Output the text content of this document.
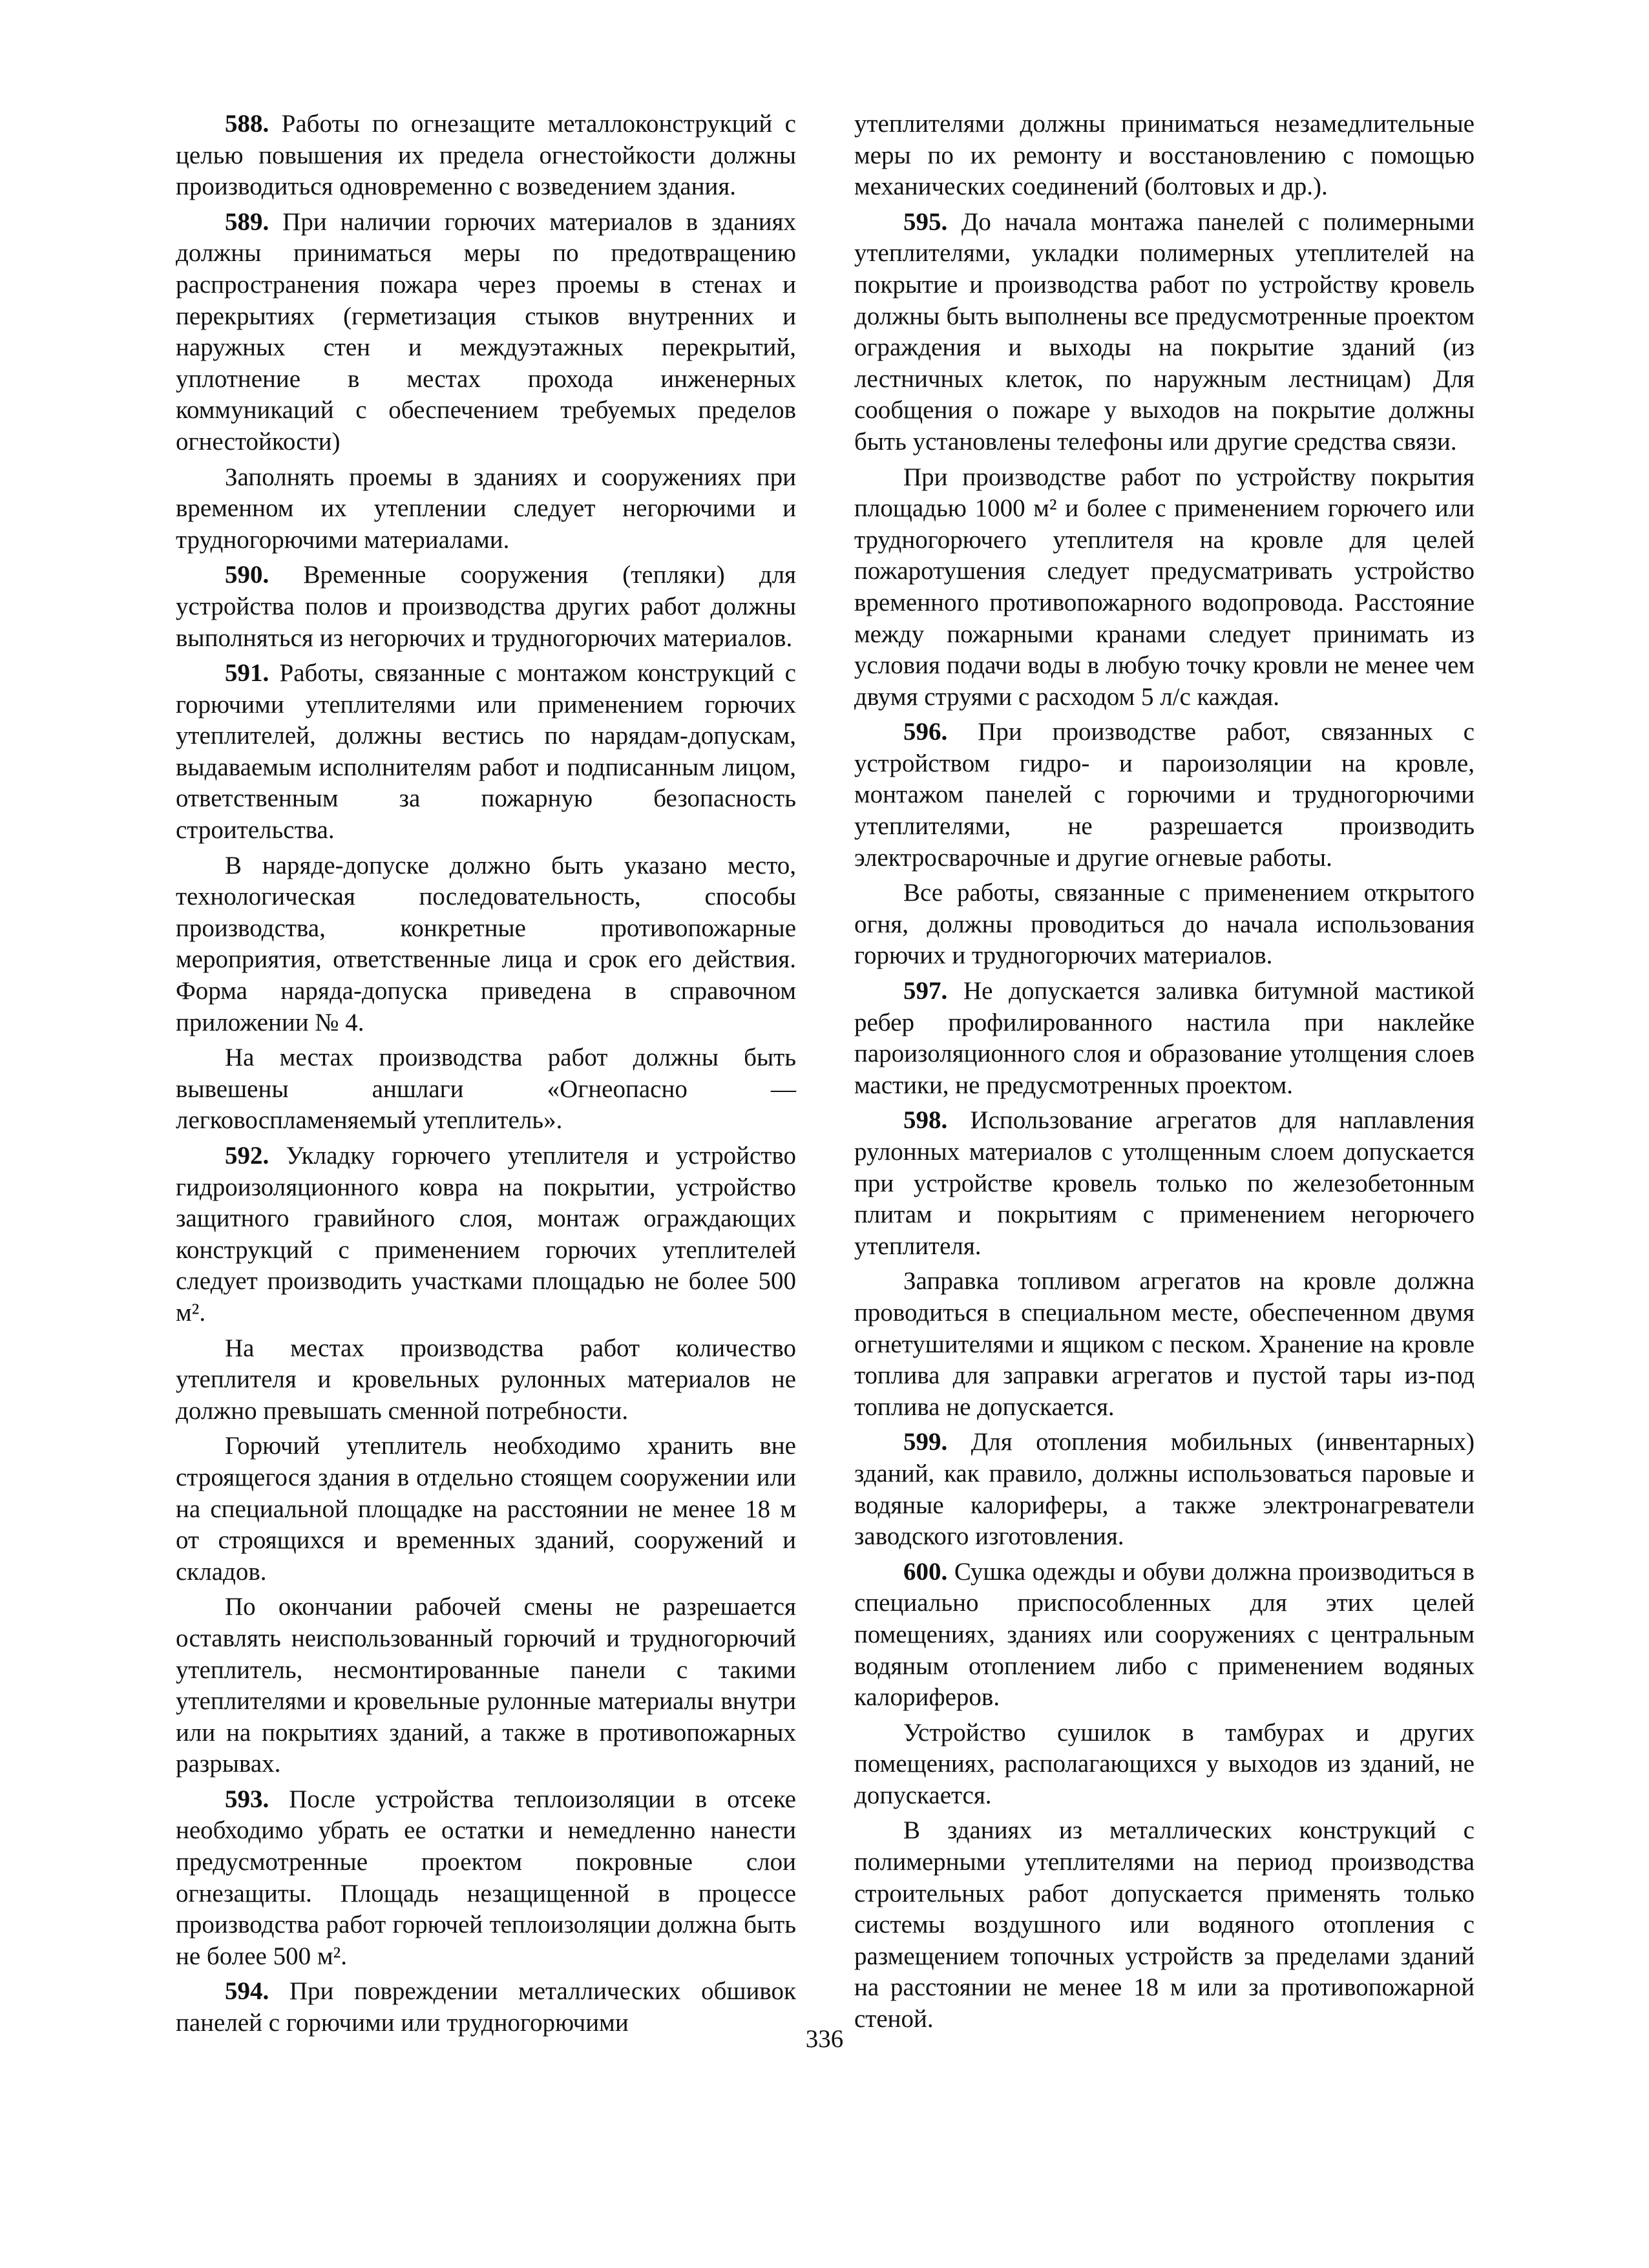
588. Работы по огнезащите металлоконструкций с целью повышения их предела огнестойкости должны производиться одновременно с возведением здания.

589. При наличии горючих материалов в зданиях должны приниматься меры по предотвращению распространения пожара через проемы в стенах и перекрытиях (герметизация стыков внутренних и наружных стен и междуэтажных перекрытий, уплотнение в местах прохода инженерных коммуникаций с обеспечением требуемых пределов огнестойкости)

Заполнять проемы в зданиях и сооружениях при временном их утеплении следует негорючими и трудногорючими материалами.

590. Временные сооружения (тепляки) для устройства полов и производства других работ должны выполняться из негорючих и трудногорючих материалов.

591. Работы, связанные с монтажом конструкций с горючими утеплителями или применением горючих утеплителей, должны вестись по нарядам-допускам, выдаваемым исполнителям работ и подписанным лицом, ответственным за пожарную безопасность строительства.

В наряде-допуске должно быть указано место, технологическая последовательность, способы производства, конкретные противопожарные мероприятия, ответственные лица и срок его действия. Форма наряда-допуска приведена в справочном приложении № 4.

На местах производства работ должны быть вывешены аншлаги «Огнеопасно — легковоспламеняемый утеплитель».

592. Укладку горючего утеплителя и устройство гидроизоляционного ковра на покрытии, устройство защитного гравийного слоя, монтаж ограждающих конструкций с применением горючих утеплителей следует производить участками площадью не более 500 м².

На местах производства работ количество утеплителя и кровельных рулонных материалов не должно превышать сменной потребности.

Горючий утеплитель необходимо хранить вне строящегося здания в отдельно стоящем сооружении или на специальной площадке на расстоянии не менее 18 м от строящихся и временных зданий, сооружений и складов.

По окончании рабочей смены не разрешается оставлять неиспользованный горючий и трудногорючий утеплитель, несмонтированные панели с такими утеплителями и кровельные рулонные материалы внутри или на покрытиях зданий, а также в противопожарных разрывах.

593. После устройства теплоизоляции в отсеке необходимо убрать ее остатки и немедленно нанести предусмотренные проектом покровные слои огнезащиты. Площадь незащищенной в процессе производства работ горючей теплоизоляции должна быть не более 500 м².

594. При повреждении металлических обшивок панелей с горючими или трудногорючими

утеплителями должны приниматься незамедлительные меры по их ремонту и восстановлению с помощью механических соединений (болтовых и др.).

595. До начала монтажа панелей с полимерными утеплителями, укладки полимерных утеплителей на покрытие и производства работ по устройству кровель должны быть выполнены все предусмотренные проектом ограждения и выходы на покрытие зданий (из лестничных клеток, по наружным лестницам) Для сообщения о пожаре у выходов на покрытие должны быть установлены телефоны или другие средства связи.

При производстве работ по устройству покрытия площадью 1000 м² и более с применением горючего или трудногорючего утеплителя на кровле для целей пожаротушения следует предусматривать устройство временного противопожарного водопровода. Расстояние между пожарными кранами следует принимать из условия подачи воды в любую точку кровли не менее чем двумя струями с расходом 5 л/с каждая.

596. При производстве работ, связанных с устройством гидро- и пароизоляции на кровле, монтажом панелей с горючими и трудногорючими утеплителями, не разрешается производить электросварочные и другие огневые работы.

Все работы, связанные с применением открытого огня, должны проводиться до начала использования горючих и трудногорючих материалов.

597. Не допускается заливка битумной мастикой ребер профилированного настила при наклейке пароизоляционного слоя и образование утолщения слоев мастики, не предусмотренных проектом.

598. Использование агрегатов для наплавления рулонных материалов с утолщенным слоем допускается при устройстве кровель только по железобетонным плитам и покрытиям с применением негорючего утеплителя.

Заправка топливом агрегатов на кровле должна проводиться в специальном месте, обеспеченном двумя огнетушителями и ящиком с песком. Хранение на кровле топлива для заправки агрегатов и пустой тары из-под топлива не допускается.

599. Для отопления мобильных (инвентарных) зданий, как правило, должны использоваться паровые и водяные калориферы, а также электронагреватели заводского изготовления.

600. Сушка одежды и обуви должна производиться в специально приспособленных для этих целей помещениях, зданиях или сооружениях с центральным водяным отоплением либо с применением водяных калориферов.

Устройство сушилок в тамбурах и других помещениях, располагающихся у выходов из зданий, не допускается.

В зданиях из металлических конструкций с полимерными утеплителями на период производства строительных работ допускается применять только системы воздушного или водяного отопления с размещением топочных устройств за пределами зданий на расстоянии не менее 18 м или за противопожарной стеной.

336
